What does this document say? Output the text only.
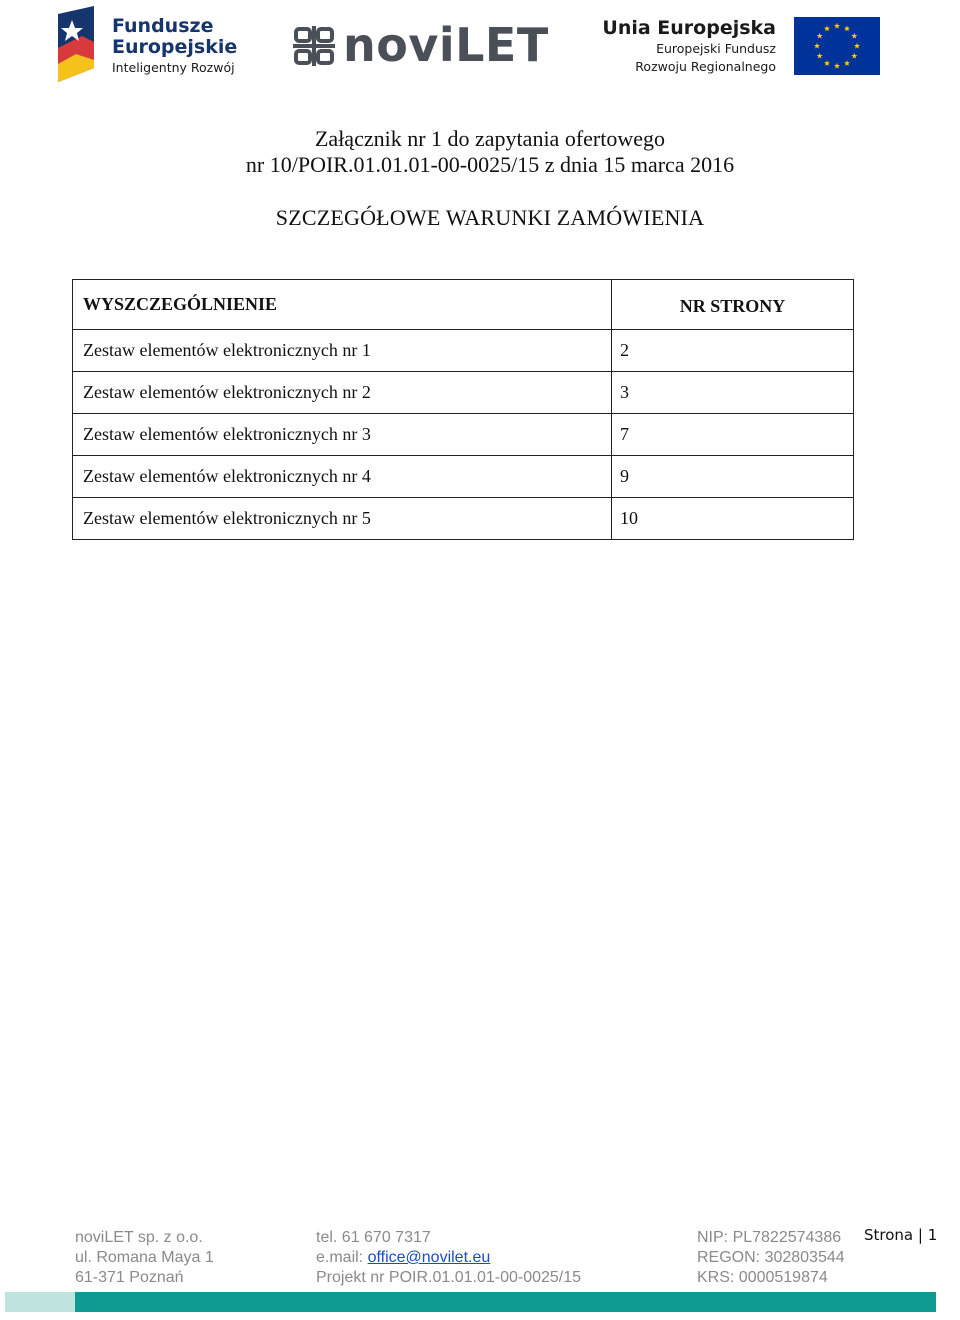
Fundusze
Europejskie
Inteligentny Rozwój noviLET	Unia Europejska
Europejski Fundusz
Rozwoju Regionalnego
Załącznik nr 1 do zapytania ofertowego
nr 10/POIR.01.01.01-00-0025/15 z dnia 15 marca 2016
SZCZEGÓŁOWE WARUNKI ZAMÓWIENIA
WYSZCZEGÓLNIENIE	NR STRONY
Zestaw elementów elektronicznych nr 1	2
Zestaw elementów elektronicznych nr 2	3
Zestaw elementów elektronicznych nr 3	7
Zestaw elementów elektronicznych nr 4	9
Zestaw elementów elektronicznych nr 5	10
noviLET sp. z o.o.
ul. Romana Maya 1
61-371 Poznań
tel. 61 670 7317
e.mail: office@novilet.eu
Projekt nr POIR.01.01.01-00-0025/15
NIP: PL7822574386
REGON: 302803544
KRS: 0000519874
Strona | 1
